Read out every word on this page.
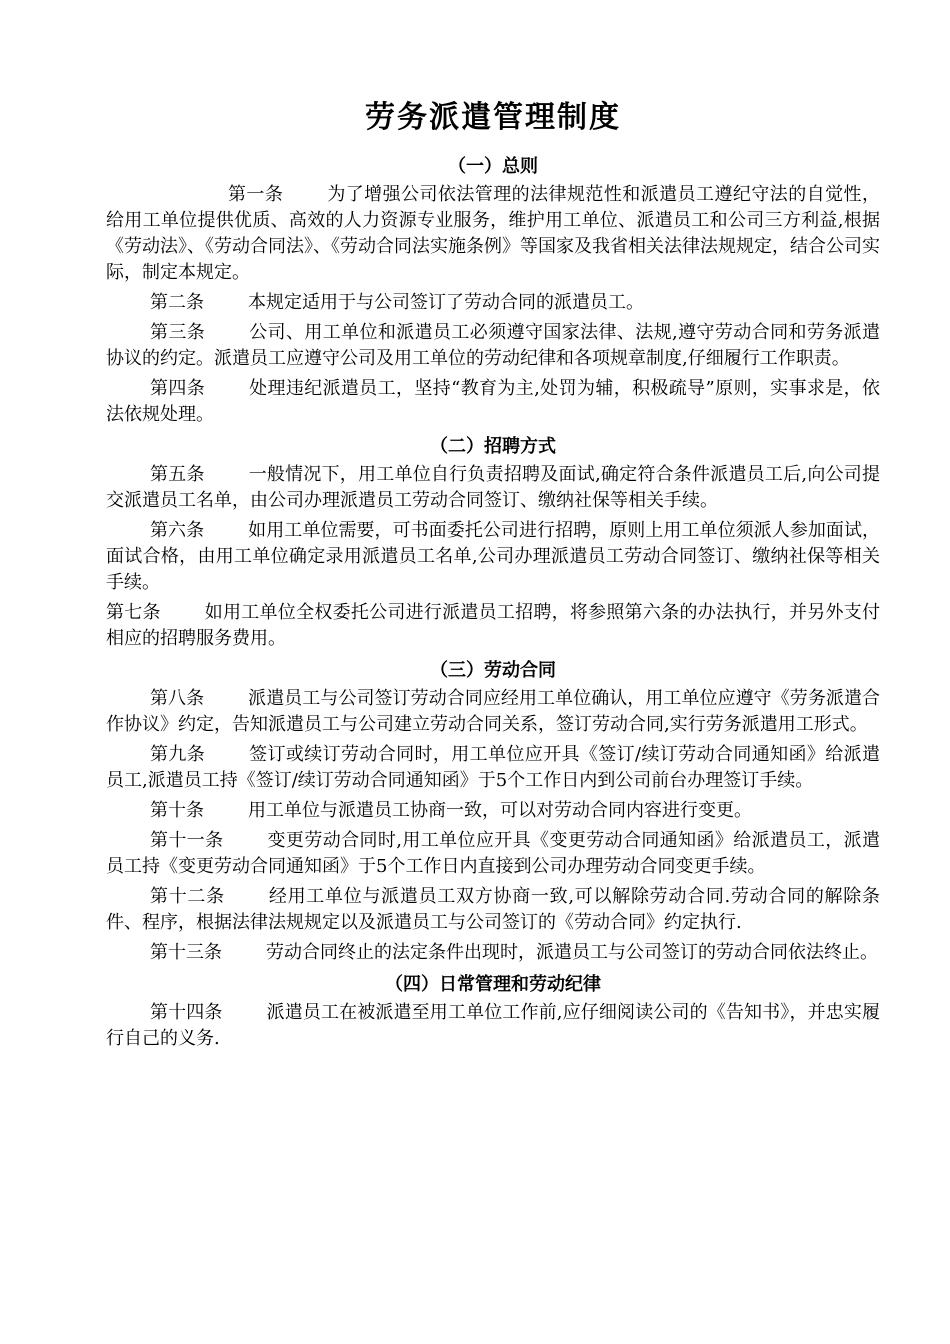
劳务派遣管理制度
（一）总则

第一条 为了增强公司依法管理的法律规范性和派遣员工遵纪守法的自觉性，给用工单位提供优质、高效的人力资源专业服务，维护用工单位、派遣员工和公司三方利益,根据《劳动法》、《劳动合同法》、《劳动合同法实施条例》等国家及我省相关法律法规规定，结合公司实际，制定本规定。

第二条 本规定适用于与公司签订了劳动合同的派遣员工。

第三条 公司、用工单位和派遣员工必须遵守国家法律、法规,遵守劳动合同和劳务派遣协议的约定。派遣员工应遵守公司及用工单位的劳动纪律和各项规章制度,仔细履行工作职责。

第四条 处理违纪派遣员工，坚持“教育为主,处罚为辅，积极疏导”原则，实事求是，依法依规处理。

（二）招聘方式

第五条 一般情况下，用工单位自行负责招聘及面试,确定符合条件派遣员工后,向公司提交派遣员工名单，由公司办理派遣员工劳动合同签订、缴纳社保等相关手续。

第六条 如用工单位需要，可书面委托公司进行招聘，原则上用工单位须派人参加面试，面试合格，由用工单位确定录用派遣员工名单,公司办理派遣员工劳动合同签订、缴纳社保等相关手续。

第七条 如用工单位全权委托公司进行派遣员工招聘，将参照第六条的办法执行，并另外支付相应的招聘服务费用。

（三）劳动合同

第八条 派遣员工与公司签订劳动合同应经用工单位确认，用工单位应遵守《劳务派遣合作协议》约定，告知派遣员工与公司建立劳动合同关系，签订劳动合同,实行劳务派遣用工形式。

第九条 签订或续订劳动合同时，用工单位应开具《签订/续订劳动合同通知函》给派遣员工,派遣员工持《签订/续订劳动合同通知函》于5个工作日内到公司前台办理签订手续。

第十条 用工单位与派遣员工协商一致，可以对劳动合同内容进行变更。

第十一条 变更劳动合同时,用工单位应开具《变更劳动合同通知函》给派遣员工，派遣员工持《变更劳动合同通知函》于5个工作日内直接到公司办理劳动合同变更手续。

第十二条 经用工单位与派遣员工双方协商一致,可以解除劳动合同.劳动合同的解除条件、程序，根据法律法规规定以及派遣员工与公司签订的《劳动合同》约定执行.

第十三条 劳动合同终止的法定条件出现时，派遣员工与公司签订的劳动合同依法终止。

（四）日常管理和劳动纪律

第十四条 派遣员工在被派遣至用工单位工作前,应仔细阅读公司的《告知书》，并忠实履行自己的义务.
